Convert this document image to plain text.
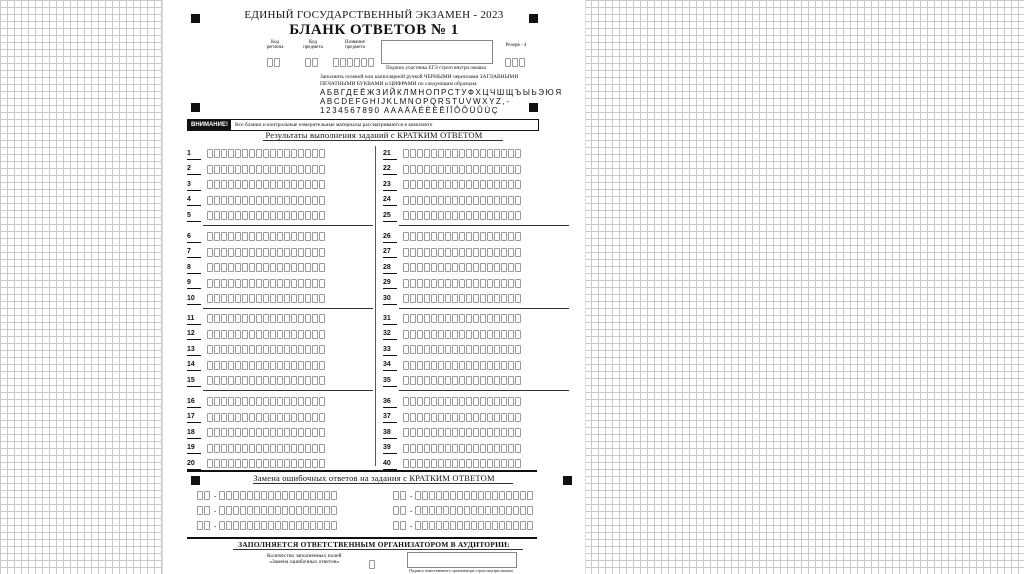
ЕДИНЫЙ ГОСУДАРСТВЕННЫЙ ЭКЗАМЕН - 2023
БЛАНК ОТВЕТОВ № 1
Код региона
Код предмета
Название предмета
Подпись участника ЕГЭ строго внутри окошка
Резерв - 4
Заполнять гелевой или капиллярной ручкой ЧЕРНЫМИ чернилами ЗАГЛАВНЫМИ
ПЕЧАТНЫМИ БУКВАМИ и ЦИФРАМИ по следующим образцам:
АБВГДЕЁЖЗИЙКЛМНОПРСТУФХЦЧШЩЪЫЬЭЮЯ
ABCDEFGHIJKLMNOPQRSTUVWXYZ,-
1234567890 AAAÄÄÉÈÈÊÏÎÔÕÜÛÙÇ
ВНИМАНИЕ!	Все бланки и контрольные измерительные материалы рассматриваются в комплекте
Результаты выполнения заданий с КРАТКИМ ОТВЕТОМ
1	21
2	22
3	23
4	24
5	25
6	26
7	27
8	28
9	29
10	30
11	31
12	32
13	33
14	34
15	35
16	36
17	37
18	38
19	39
20	40
Замена ошибочных ответов на задания с КРАТКИМ ОТВЕТОМ
-	-
-	-
-	-
ЗАПОЛНЯЕТСЯ ОТВЕТСТВЕННЫМ ОРГАНИЗАТОРОМ В АУДИТОРИИ:
Количество заполненных полей
«Замена ошибочных ответов»
Подпись ответственного организатора строго внутри окошка
